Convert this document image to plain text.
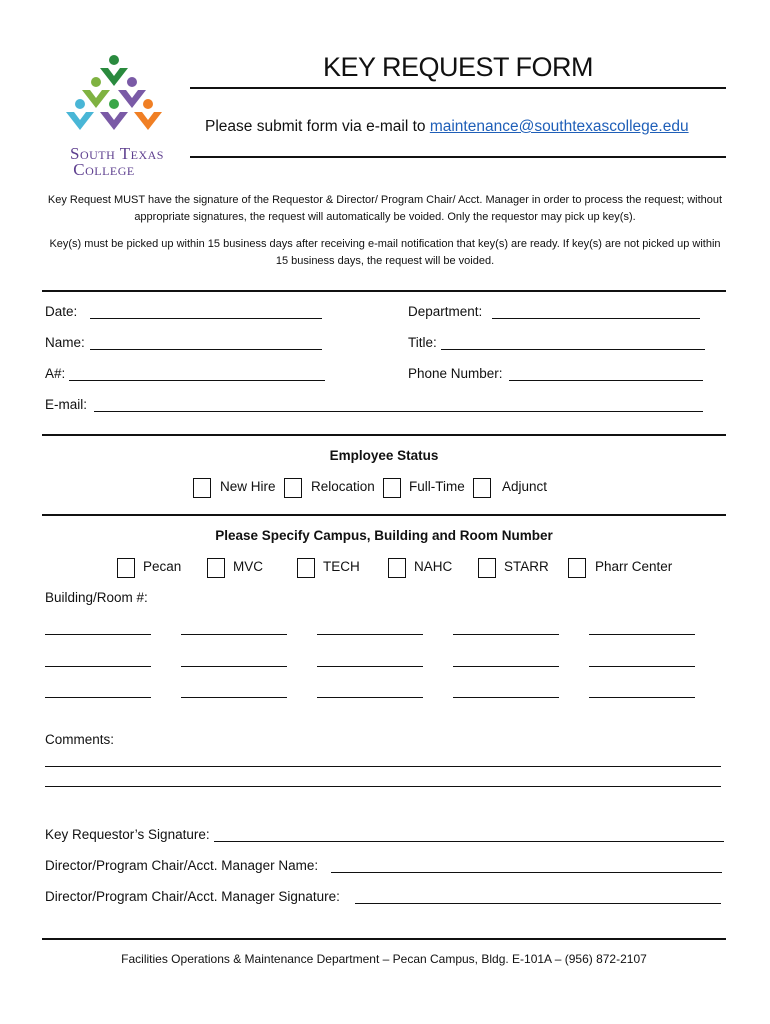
South Texas
College
KEY REQUEST FORM
Please submit form via e-mail to maintenance@southtexascollege.edu
Key Request MUST have the signature of the Requestor & Director/ Program Chair/ Acct. Manager in order to process the request; without appropriate signatures, the request will automatically be voided. Only the requestor may pick up key(s).
Key(s) must be picked up within 15 business days after receiving e-mail notification that key(s) are ready. If key(s) are not picked up within 15 business days, the request will be voided.
Date:	Department:
Name:	Title:
A#:	Phone Number:
E-mail:
Employee Status
New Hire	Relocation	Full-Time	Adjunct
Please Specify Campus, Building and Room Number
Pecan	MVC	TECH	NAHC	STARR	Pharr Center
Building/Room #:
Comments:
Key Requestor’s Signature:
Director/Program Chair/Acct. Manager Name:
Director/Program Chair/Acct. Manager Signature:
Facilities Operations & Maintenance Department – Pecan Campus, Bldg. E-101A – (956) 872-2107
